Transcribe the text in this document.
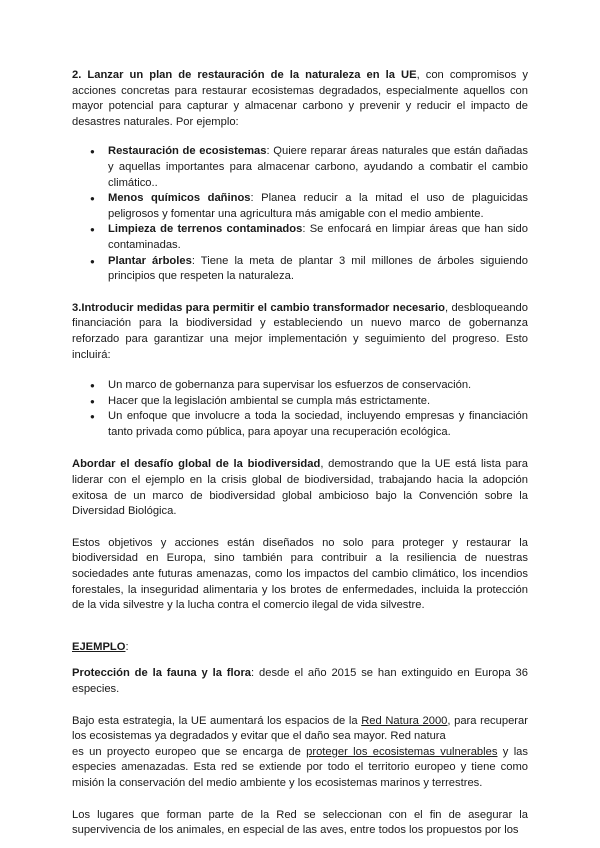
2. Lanzar un plan de restauración de la naturaleza en la UE, con compromisos y acciones concretas para restaurar ecosistemas degradados, especialmente aquellos con mayor potencial para capturar y almacenar carbono y prevenir y reducir el impacto de desastres naturales. Por ejemplo:

● Restauración de ecosistemas: Quiere reparar áreas naturales que están dañadas y aquellas importantes para almacenar carbono, ayudando a combatir el cambio climático..
● Menos químicos dañinos: Planea reducir a la mitad el uso de plaguicidas peligrosos y fomentar una agricultura más amigable con el medio ambiente.
● Limpieza de terrenos contaminados: Se enfocará en limpiar áreas que han sido contaminadas.
● Plantar árboles: Tiene la meta de plantar 3 mil millones de árboles siguiendo principios que respeten la naturaleza.

3.Introducir medidas para permitir el cambio transformador necesario, desbloqueando financiación para la biodiversidad y estableciendo un nuevo marco de gobernanza reforzado para garantizar una mejor implementación y seguimiento del progreso. Esto incluirá:

● Un marco de gobernanza para supervisar los esfuerzos de conservación.
● Hacer que la legislación ambiental se cumpla más estrictamente.
● Un enfoque que involucre a toda la sociedad, incluyendo empresas y financiación tanto privada como pública, para apoyar una recuperación ecológica.

Abordar el desafío global de la biodiversidad, demostrando que la UE está lista para liderar con el ejemplo en la crisis global de biodiversidad, trabajando hacia la adopción exitosa de un marco de biodiversidad global ambicioso bajo la Convención sobre la Diversidad Biológica.

Estos objetivos y acciones están diseñados no solo para proteger y restaurar la biodiversidad en Europa, sino también para contribuir a la resiliencia de nuestras sociedades ante futuras amenazas, como los impactos del cambio climático, los incendios forestales, la inseguridad alimentaria y los brotes de enfermedades, incluida la protección de la vida silvestre y la lucha contra el comercio ilegal de vida silvestre.

EJEMPLO:

Protección de la fauna y la flora: desde el año 2015 se han extinguido en Europa 36 especies.

Bajo esta estrategia, la UE aumentará los espacios de la Red Natura 2000, para recuperar los ecosistemas ya degradados y evitar que el daño sea mayor. Red natura

es un proyecto europeo que se encarga de proteger los ecosistemas vulnerables y las especies amenazadas. Esta red se extiende por todo el territorio europeo y tiene como misión la conservación del medio ambiente y los ecosistemas marinos y terrestres.

Los lugares que forman parte de la Red se seleccionan con el fin de asegurar la supervivencia de los animales, en especial de las aves, entre todos los propuestos por los
